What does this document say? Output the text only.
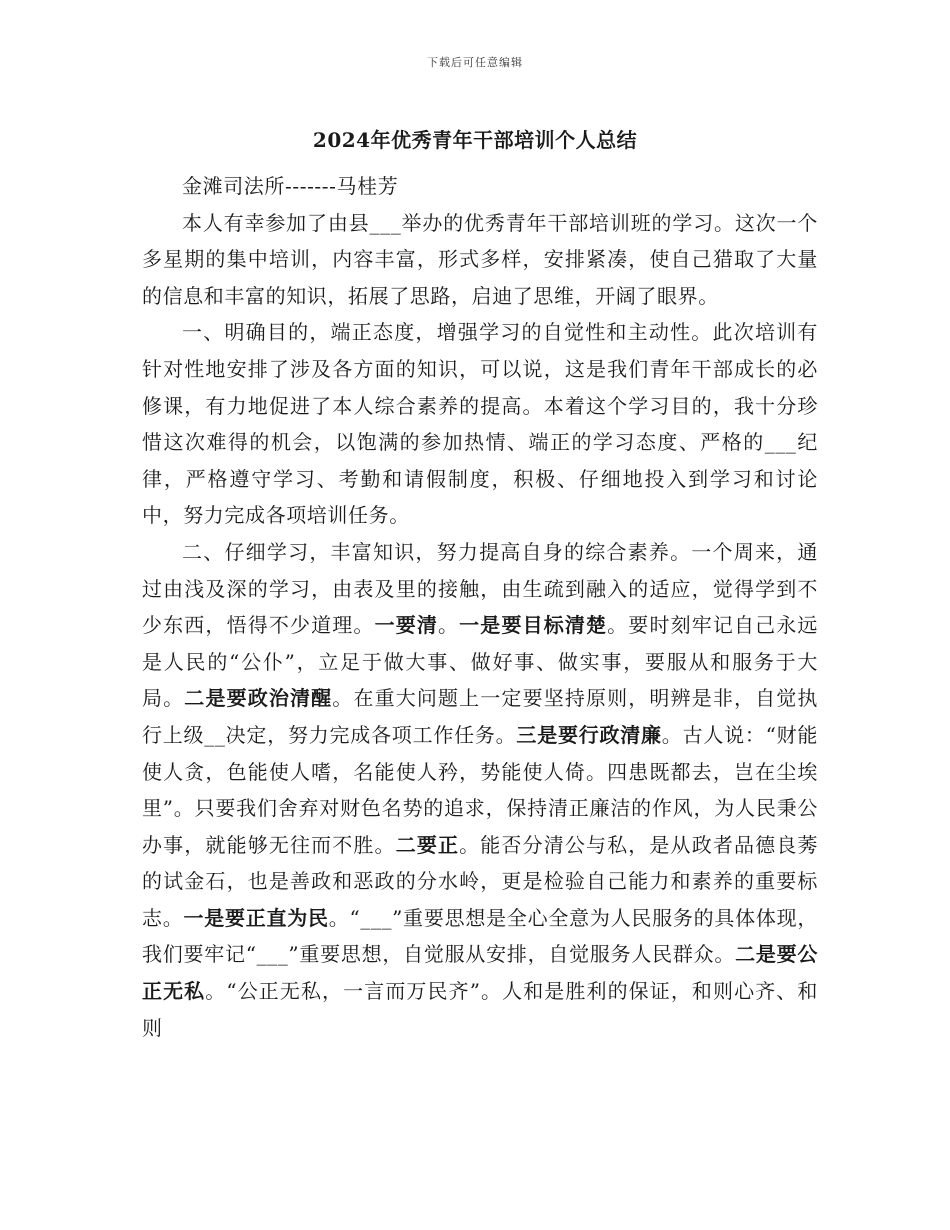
下载后可任意编辑
2024年优秀青年干部培训个人总结

金滩司法所-------马桂芳

本人有幸参加了由县___举办的优秀青年干部培训班的学习。这次一个多星期的集中培训，内容丰富，形式多样，安排紧凑，使自己猎取了大量的信息和丰富的知识，拓展了思路，启迪了思维，开阔了眼界。

一、明确目的，端正态度，增强学习的自觉性和主动性。此次培训有针对性地安排了涉及各方面的知识，可以说，这是我们青年干部成长的必修课，有力地促进了本人综合素养的提高。本着这个学习目的，我十分珍惜这次难得的机会，以饱满的参加热情、端正的学习态度、严格的___纪律，严格遵守学习、考勤和请假制度，积极、仔细地投入到学习和讨论中，努力完成各项培训任务。

二、仔细学习，丰富知识，努力提高自身的综合素养。一个周来，通过由浅及深的学习，由表及里的接触，由生疏到融入的适应，觉得学到不少东西，悟得不少道理。一要清。一是要目标清楚。要时刻牢记自己永远是人民的“公仆”，立足于做大事、做好事、做实事，要服从和服务于大局。二是要政治清醒。在重大问题上一定要坚持原则，明辨是非，自觉执行上级__决定，努力完成各项工作任务。三是要行政清廉。古人说：“财能使人贪，色能使人嗜，名能使人矜，势能使人倚。四患既都去，岂在尘埃里”。只要我们舍弃对财色名势的追求，保持清正廉洁的作风，为人民秉公办事，就能够无往而不胜。二要正。能否分清公与私，是从政者品德良莠的试金石，也是善政和恶政的分水岭，更是检验自己能力和素养的重要标志。一是要正直为民。“___”重要思想是全心全意为人民服务的具体体现，我们要牢记“___”重要思想，自觉服从安排，自觉服务人民群众。二是要公正无私。“公正无私，一言而万民齐”。人和是胜利的保证，和则心齐、和则
